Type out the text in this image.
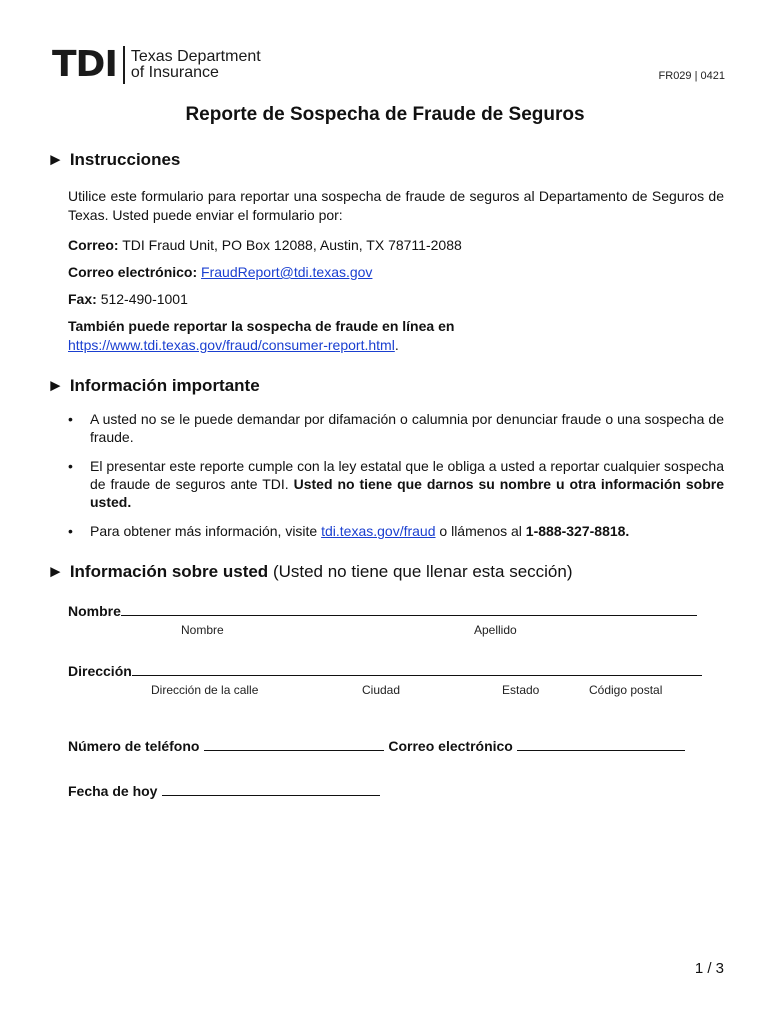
TDI Texas Department
of Insurance	FR029 | 0421
Reporte de Sospecha de Fraude de Seguros
► Instrucciones
Utilice este formulario para reportar una sospecha de fraude de seguros al Departamento de Seguros de Texas. Usted puede enviar el formulario por:
Correo: TDI Fraud Unit, PO Box 12088, Austin, TX 78711-2088
Correo electrónico: FraudReport@tdi.texas.gov
Fax: 512-490-1001
También puede reportar la sospecha de fraude en línea en
https://www.tdi.texas.gov/fraud/consumer-report.html.
► Información importante
• A usted no se le puede demandar por difamación o calumnia por denunciar fraude o una sospecha de fraude.
• El presentar este reporte cumple con la ley estatal que le obliga a usted a reportar cualquier sospecha de fraude de seguros ante TDI. Usted no tiene que darnos su nombre u otra información sobre usted.
• Para obtener más información, visite tdi.texas.gov/fraud o llámenos al 1-888-327-8818.
► Información sobre usted (Usted no tiene que llenar esta sección)
Nombre
Nombre	Apellido
Dirección
Dirección de la calle	Ciudad	Estado	Código postal
Número de teléfono	Correo electrónico
Fecha de hoy
1 / 3
